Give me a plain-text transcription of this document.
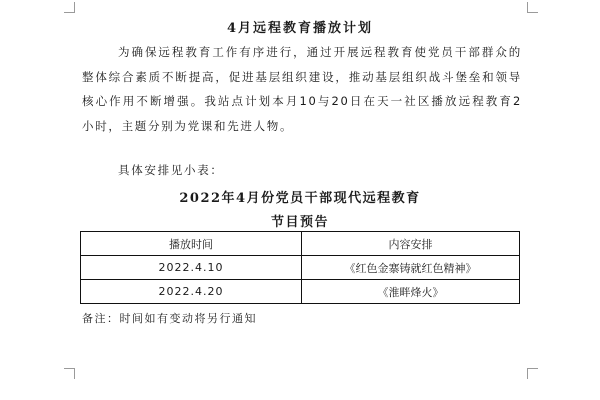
4月远程教育播放计划

为确保远程教育工作有序进行，通过开展远程教育使党员干部群众的整体综合素质不断提高，促进基层组织建设，推动基层组织战斗堡垒和领导核心作用不断增强。我站点计划本月10与20日在天一社区播放远程教育2小时，主题分别为党课和先进人物。

具体安排见小表：

2022年4月份党员干部现代远程教育
节目预告
播放时间	内容安排
2022.4.10	《红色金寨铸就红色精神》
2022.4.20	《淮畔烽火》

备注：时间如有变动将另行通知
